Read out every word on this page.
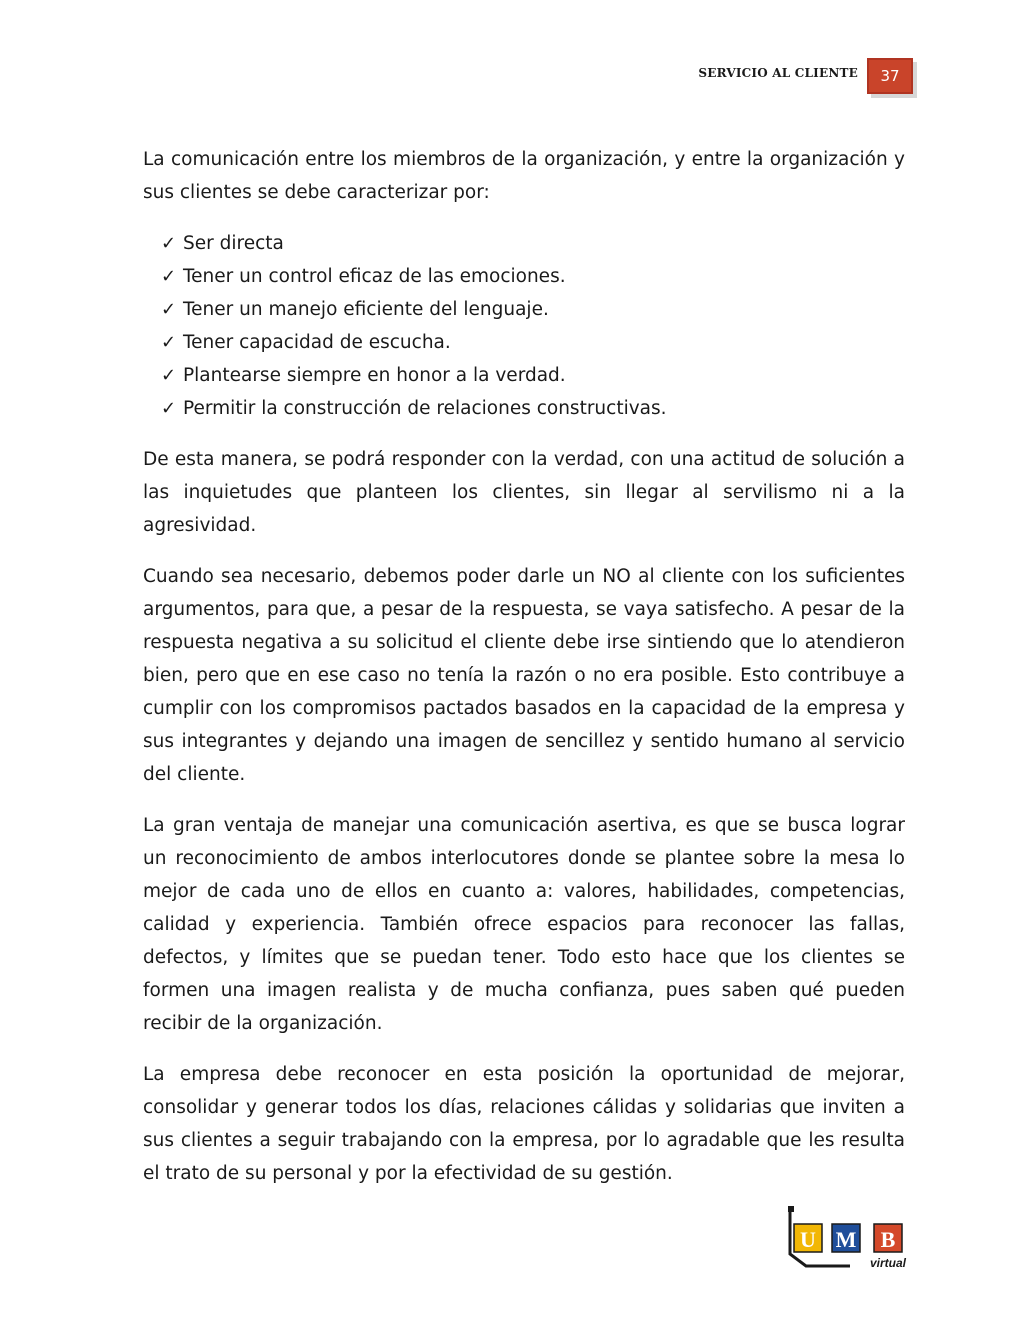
SERVICIO AL CLIENTE	37

La comunicación entre los miembros de la organización, y entre la organización y sus clientes se debe caracterizar por:

✓ Ser directa
✓ Tener un control eficaz de las emociones.
✓ Tener un manejo eficiente del lenguaje.
✓ Tener capacidad de escucha.
✓ Plantearse siempre en honor a la verdad.
✓ Permitir la construcción de relaciones constructivas.

De esta manera, se podrá responder con la verdad, con una actitud de solución a las inquietudes que planteen los clientes, sin llegar al servilismo ni a la agresividad.

Cuando sea necesario, debemos poder darle un NO al cliente con los suficientes argumentos, para que, a pesar de la respuesta, se vaya satisfecho. A pesar de la respuesta negativa a su solicitud el cliente debe irse sintiendo que lo atendieron bien, pero que en ese caso no tenía la razón o no era posible. Esto contribuye a cumplir con los compromisos pactados basados en la capacidad de la empresa y sus integrantes y dejando una imagen de sencillez y sentido humano al servicio del cliente.

La gran ventaja de manejar una comunicación asertiva, es que se busca lograr un reconocimiento de ambos interlocutores donde se plantee sobre la mesa lo mejor de cada uno de ellos en cuanto a: valores, habilidades, competencias, calidad y experiencia. También ofrece espacios para reconocer las fallas, defectos, y límites que se puedan tener. Todo esto hace que los clientes se formen una imagen realista y de mucha confianza, pues saben qué pueden recibir de la organización.

La empresa debe reconocer en esta posición la oportunidad de mejorar, consolidar y generar todos los días, relaciones cálidas y solidarias que inviten a sus clientes a seguir trabajando con la empresa, por lo agradable que les resulta el trato de su personal y por la efectividad de su gestión.

U M B
virtual
